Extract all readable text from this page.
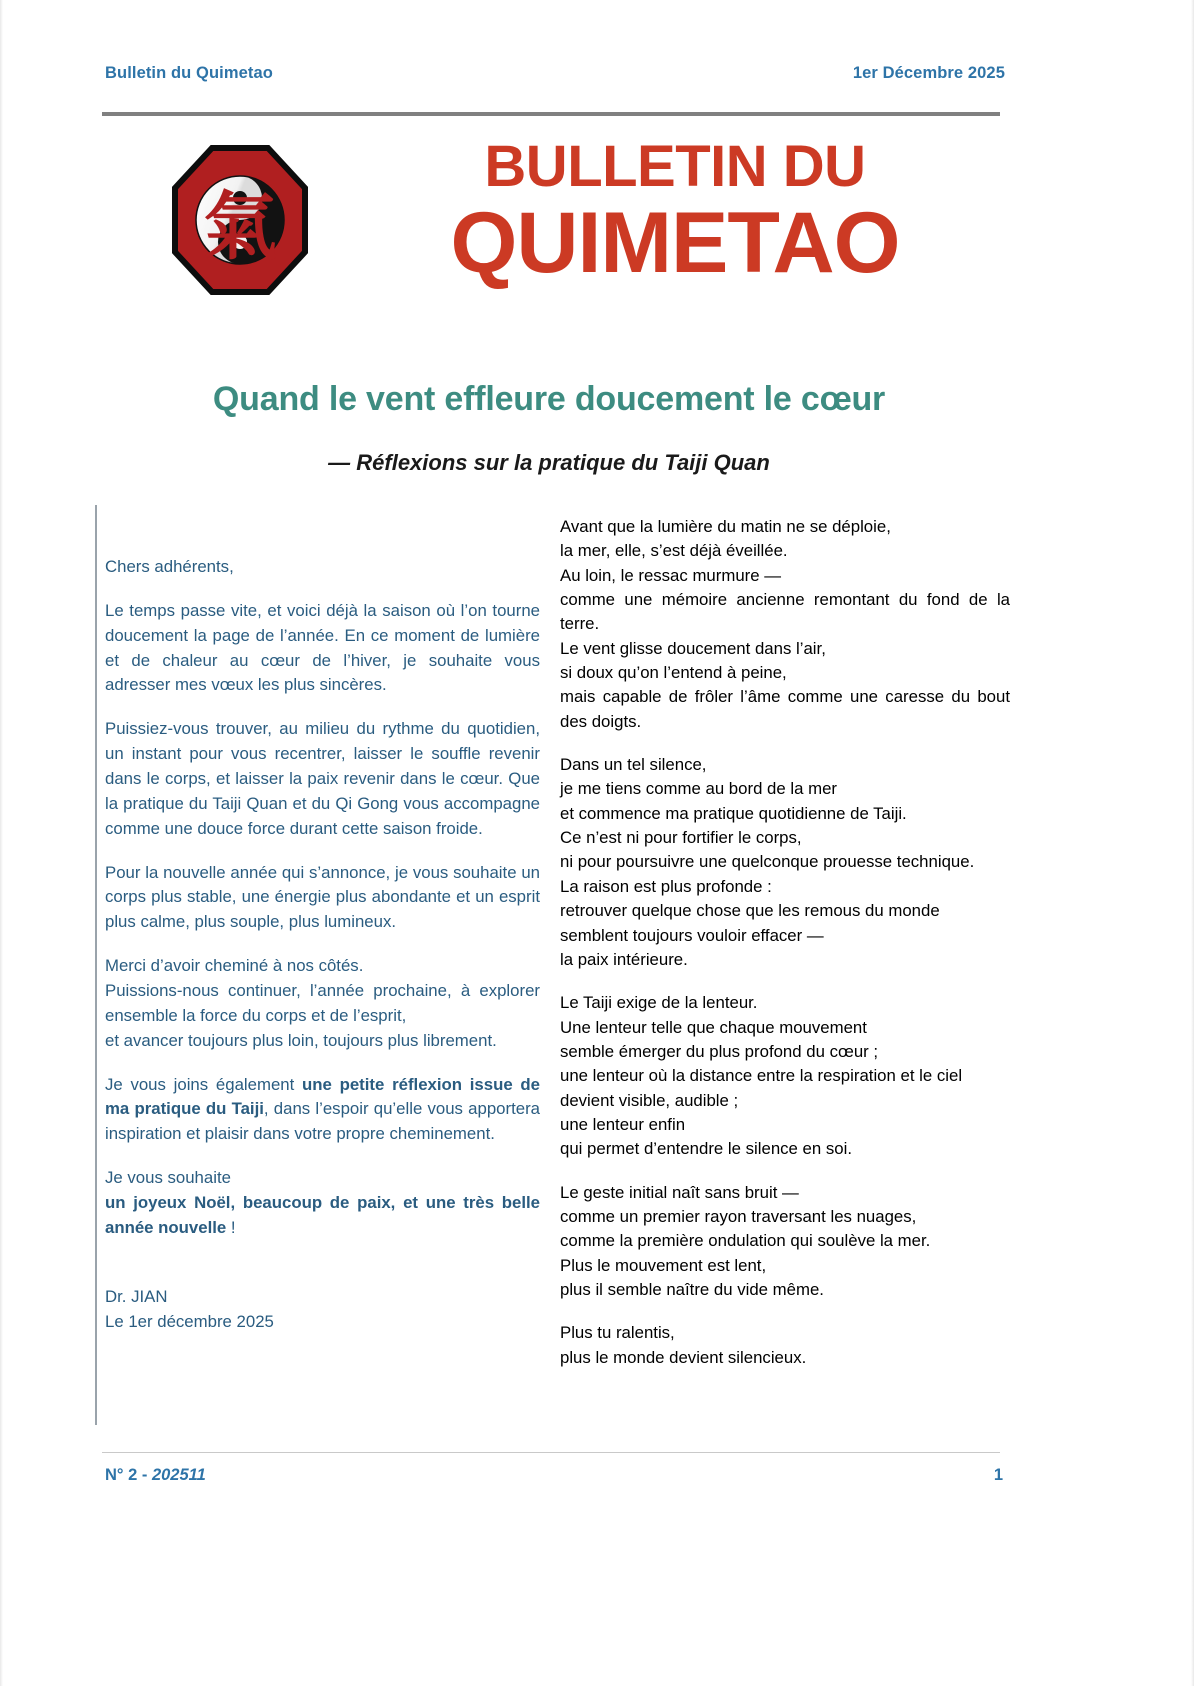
Bulletin du Quimetao	1er Décembre 2025
氣
BULLETIN DU
QUIMETAO
Quand le vent effleure doucement le cœur
— Réflexions sur la pratique du Taiji Quan

Chers adhérents,

Le temps passe vite, et voici déjà la saison où l’on tourne doucement la page de l’année. En ce moment de lumière et de chaleur au cœur de l’hiver, je souhaite vous adresser mes vœux les plus sincères.

Puissiez-vous trouver, au milieu du rythme du quotidien, un instant pour vous recentrer, laisser le souffle revenir dans le corps, et laisser la paix revenir dans le cœur. Que la pratique du Taiji Quan et du Qi Gong vous accompagne comme une douce force durant cette saison froide.

Pour la nouvelle année qui s’annonce, je vous souhaite un corps plus stable, une énergie plus abondante et un esprit plus calme, plus souple, plus lumineux.

Merci d’avoir cheminé à nos côtés.
Puissions-nous continuer, l’année prochaine, à explorer ensemble la force du corps et de l’esprit,
et avancer toujours plus loin, toujours plus librement.

Je vous joins également une petite réflexion issue de ma pratique du Taiji, dans l’espoir qu’elle vous apportera inspiration et plaisir dans votre propre cheminement.

Je vous souhaite
un joyeux Noël, beaucoup de paix, et une très belle année nouvelle !

Dr. JIAN
Le 1er décembre 2025

Avant que la lumière du matin ne se déploie,
la mer, elle, s’est déjà éveillée.
Au loin, le ressac murmure —
comme une mémoire ancienne remontant du fond de la terre.
Le vent glisse doucement dans l’air,
si doux qu’on l’entend à peine,
mais capable de frôler l’âme comme une caresse du bout des doigts.

Dans un tel silence,
je me tiens comme au bord de la mer
et commence ma pratique quotidienne de Taiji.
Ce n’est ni pour fortifier le corps,
ni pour poursuivre une quelconque prouesse technique.
La raison est plus profonde :
retrouver quelque chose que les remous du monde
semblent toujours vouloir effacer —
la paix intérieure.

Le Taiji exige de la lenteur.
Une lenteur telle que chaque mouvement
semble émerger du plus profond du cœur ;
une lenteur où la distance entre la respiration et le ciel
devient visible, audible ;
une lenteur enfin
qui permet d’entendre le silence en soi.

Le geste initial naît sans bruit —
comme un premier rayon traversant les nuages,
comme la première ondulation qui soulève la mer.
Plus le mouvement est lent,
plus il semble naître du vide même.

Plus tu ralentis,
plus le monde devient silencieux.

N° 2 - 202511	1
